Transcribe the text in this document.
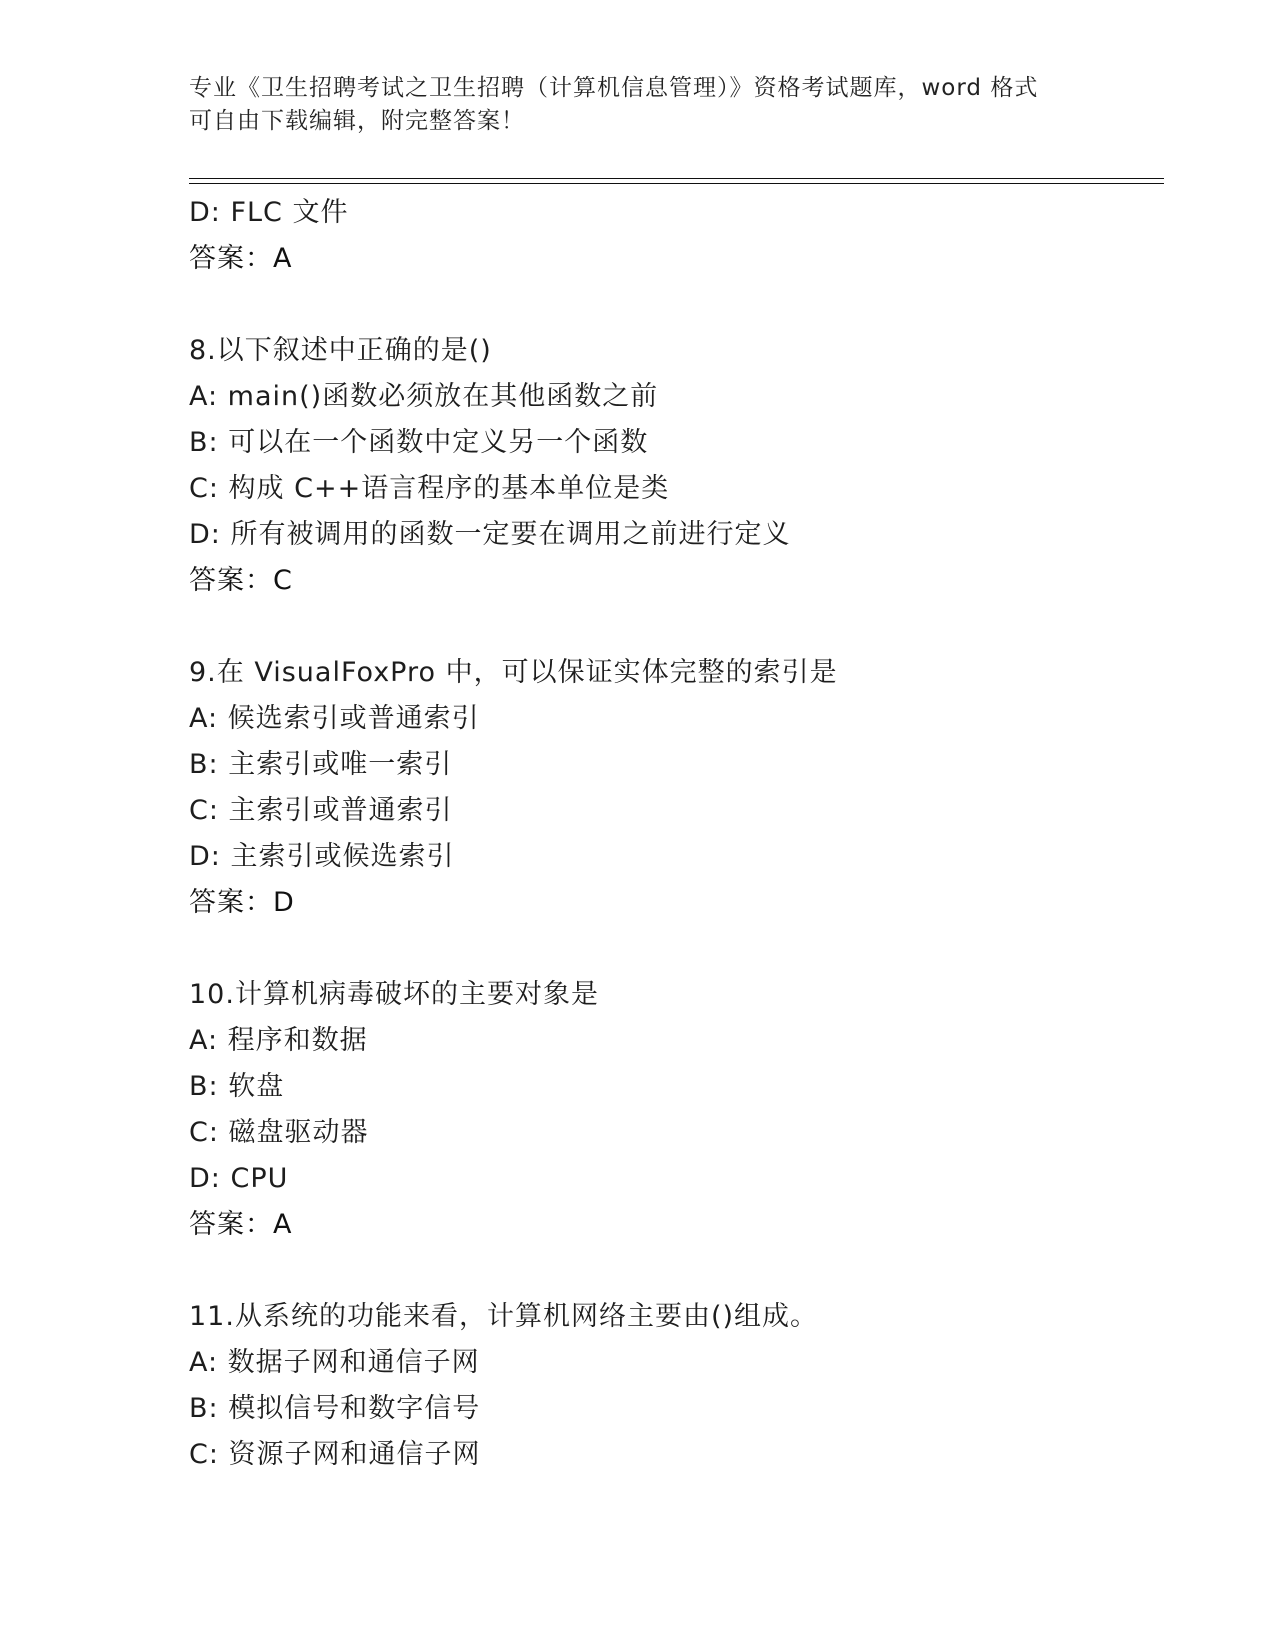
专业《卫生招聘考试之卫生招聘（计算机信息管理）》资格考试题库，word 格式
可自由下载编辑，附完整答案！
D: FLC 文件
答案：A
8.以下叙述中正确的是()
A: main()函数必须放在其他函数之前
B: 可以在一个函数中定义另一个函数
C: 构成 C++语言程序的基本单位是类
D: 所有被调用的函数一定要在调用之前进行定义
答案：C
9.在 VisualFoxPro 中，可以保证实体完整的索引是
A: 候选索引或普通索引
B: 主索引或唯一索引
C: 主索引或普通索引
D: 主索引或候选索引
答案：D
10.计算机病毒破坏的主要对象是
A: 程序和数据
B: 软盘
C: 磁盘驱动器
D: CPU
答案：A
11.从系统的功能来看，计算机网络主要由()组成。
A: 数据子网和通信子网
B: 模拟信号和数字信号
C: 资源子网和通信子网
